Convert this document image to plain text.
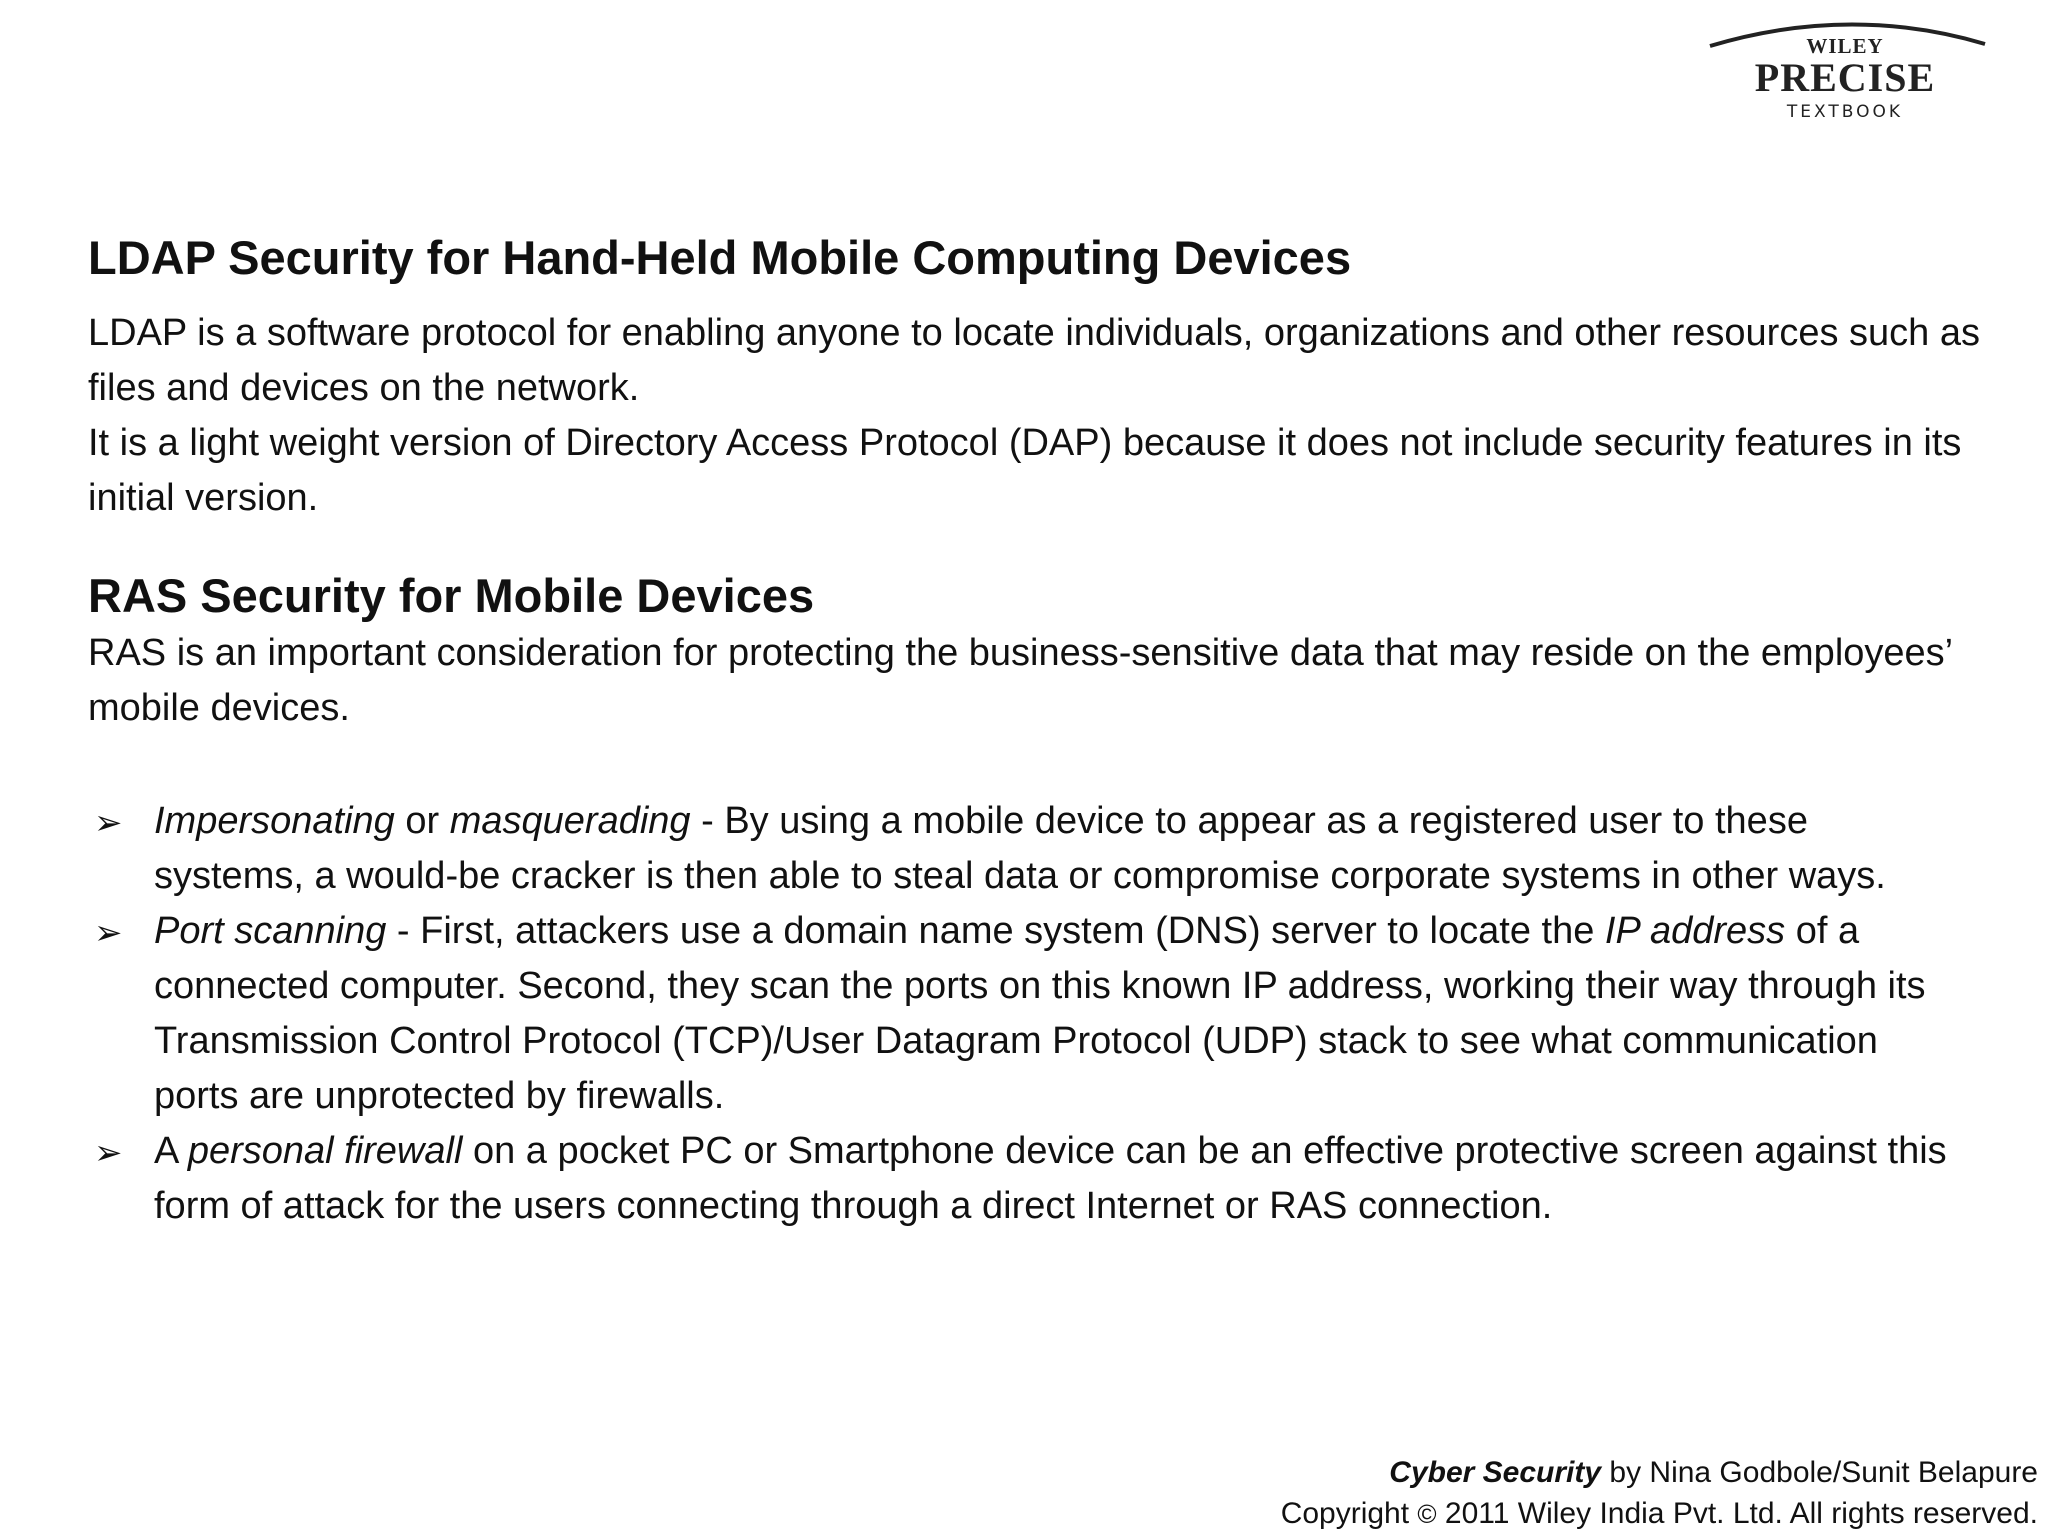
WILEY
PRECISE
TEXTBOOK
LDAP Security for Hand-Held Mobile Computing Devices

LDAP is a software protocol for enabling anyone to locate individuals, organizations and other resources such as files and devices on the network.

It is a light weight version of Directory Access Protocol (DAP) because it does not include security features in its initial version.

RAS Security for Mobile Devices

RAS is an important consideration for protecting the business-sensitive data that may reside on the employees’ mobile devices.

➢ Impersonating or masquerading - By using a mobile device to appear as a registered user to these systems, a would-be cracker is then able to steal data or compromise corporate systems in other ways.
➢ Port scanning - First, attackers use a domain name system (DNS) server to locate the IP address of a connected computer. Second, they scan the ports on this known IP address, working their way through its Transmission Control Protocol (TCP)/User Datagram Protocol (UDP) stack to see what communication ports are unprotected by firewalls.
➢ A personal firewall on a pocket PC or Smartphone device can be an effective protective screen against this form of attack for the users connecting through a direct Internet or RAS connection.
Cyber Security by Nina Godbole/Sunit Belapure
Copyright © 2011 Wiley India Pvt. Ltd. All rights reserved.
